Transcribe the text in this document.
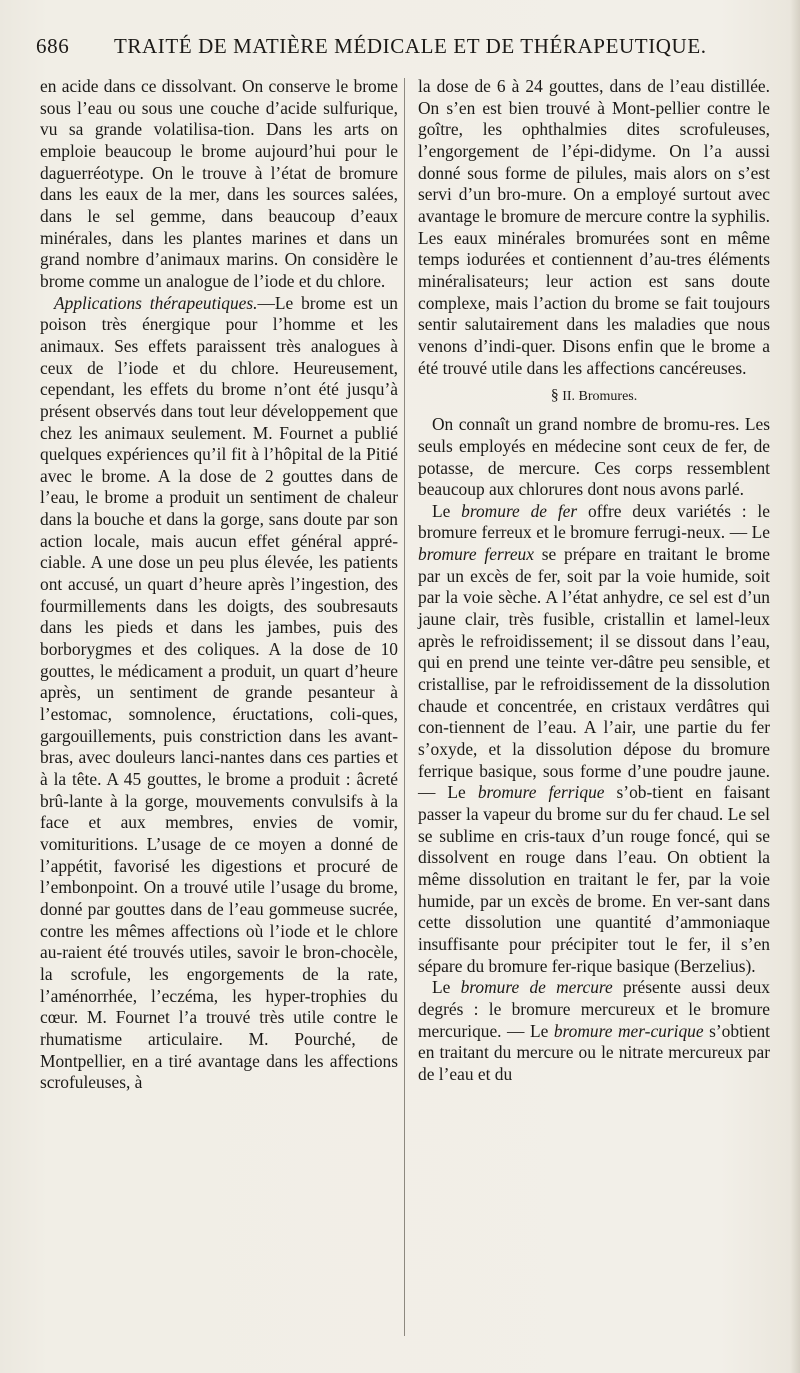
686 TRAITÉ DE MATIÈRE MÉDICALE ET DE THÉRAPEUTIQUE.

en acide dans ce dissolvant. On conserve le brome sous l’eau ou sous une couche d’acide sulfurique, vu sa grande volatilisa-tion. Dans les arts on emploie beaucoup le brome aujourd’hui pour le daguerréotype. On le trouve à l’état de bromure dans les eaux de la mer, dans les sources salées, dans le sel gemme, dans beaucoup d’eaux minérales, dans les plantes marines et dans un grand nombre d’animaux marins. On considère le brome comme un analogue de l’iode et du chlore.

Applications thérapeutiques.—Le brome est un poison très énergique pour l’homme et les animaux. Ses effets paraissent très analogues à ceux de l’iode et du chlore. Heureusement, cependant, les effets du brome n’ont été jusqu’à présent observés dans tout leur développement que chez les animaux seulement. M. Fournet a publié quelques expériences qu’il fit à l’hôpital de la Pitié avec le brome. A la dose de 2 gouttes dans de l’eau, le brome a produit un sentiment de chaleur dans la bouche et dans la gorge, sans doute par son action locale, mais aucun effet général appré-ciable. A une dose un peu plus élevée, les patients ont accusé, un quart d’heure après l’ingestion, des fourmillements dans les doigts, des soubresauts dans les pieds et dans les jambes, puis des borborygmes et des coliques. A la dose de 10 gouttes, le médicament a produit, un quart d’heure après, un sentiment de grande pesanteur à l’estomac, somnolence, éructations, coli-ques, gargouillements, puis constriction dans les avant-bras, avec douleurs lanci-nantes dans ces parties et à la tête. A 45 gouttes, le brome a produit : âcreté brû-lante à la gorge, mouvements convulsifs à la face et aux membres, envies de vomir, vomituritions. L’usage de ce moyen a donné de l’appétit, favorisé les digestions et procuré de l’embonpoint. On a trouvé utile l’usage du brome, donné par gouttes dans de l’eau gommeuse sucrée, contre les mêmes affections où l’iode et le chlore au-raient été trouvés utiles, savoir le bron-chocèle, la scrofule, les engorgements de la rate, l’aménorrhée, l’eczéma, les hyper-trophies du cœur. M. Fournet l’a trouvé très utile contre le rhumatisme articulaire. M. Pourché, de Montpellier, en a tiré avantage dans les affections scrofuleuses, à

la dose de 6 à 24 gouttes, dans de l’eau distillée. On s’en est bien trouvé à Mont-pellier contre le goître, les ophthalmies dites scrofuleuses, l’engorgement de l’épi-didyme. On l’a aussi donné sous forme de pilules, mais alors on s’est servi d’un bro-mure. On a employé surtout avec avantage le bromure de mercure contre la syphilis. Les eaux minérales bromurées sont en même temps iodurées et contiennent d’au-tres éléments minéralisateurs; leur action est sans doute complexe, mais l’action du brome se fait toujours sentir salutairement dans les maladies que nous venons d’indi-quer. Disons enfin que le brome a été trouvé utile dans les affections cancéreuses.

§ II. Bromures.

On connaît un grand nombre de bromu-res. Les seuls employés en médecine sont ceux de fer, de potasse, de mercure. Ces corps ressemblent beaucoup aux chlorures dont nous avons parlé.

Le bromure de fer offre deux variétés : le bromure ferreux et le bromure ferrugi-neux. — Le bromure ferreux se prépare en traitant le brome par un excès de fer, soit par la voie humide, soit par la voie sèche. A l’état anhydre, ce sel est d’un jaune clair, très fusible, cristallin et lamel-leux après le refroidissement; il se dissout dans l’eau, qui en prend une teinte ver-dâtre peu sensible, et cristallise, par le refroidissement de la dissolution chaude et concentrée, en cristaux verdâtres qui con-tiennent de l’eau. A l’air, une partie du fer s’oxyde, et la dissolution dépose du bromure ferrique basique, sous forme d’une poudre jaune. — Le bromure ferrique s’ob-tient en faisant passer la vapeur du brome sur du fer chaud. Le sel se sublime en cris-taux d’un rouge foncé, qui se dissolvent en rouge dans l’eau. On obtient la même dissolution en traitant le fer, par la voie humide, par un excès de brome. En ver-sant dans cette dissolution une quantité d’ammoniaque insuffisante pour précipiter tout le fer, il s’en sépare du bromure fer-rique basique (Berzelius).

Le bromure de mercure présente aussi deux degrés : le bromure mercureux et le bromure mercurique. — Le bromure mer-curique s’obtient en traitant du mercure ou le nitrate mercureux par de l’eau et du
